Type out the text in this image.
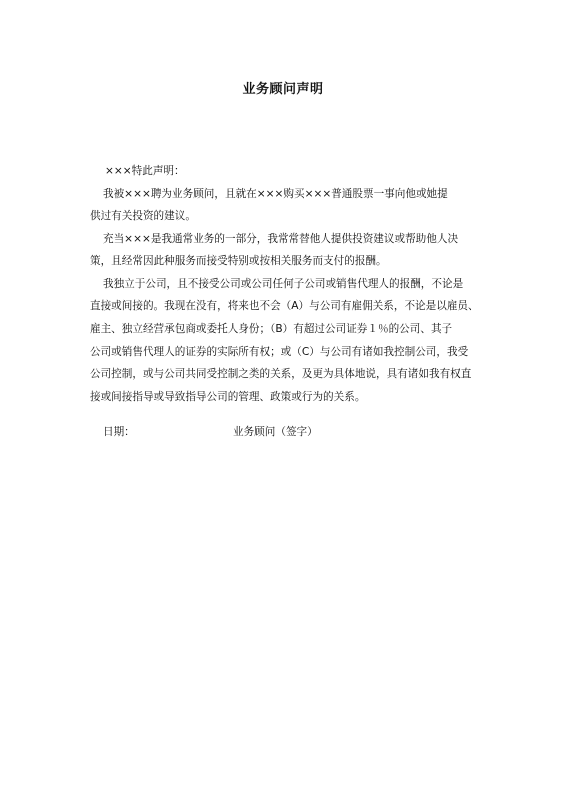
业务顾问声明
×××特此声明：
我被×××聘为业务顾问，且就在×××购买×××普通股票一事向他或她提
供过有关投资的建议。
充当×××是我通常业务的一部分，我常常替他人提供投资建议或帮助他人决
策，且经常因此种服务而接受特别或按相关服务而支付的报酬。
我独立于公司，且不接受公司或公司任何子公司或销售代理人的报酬，不论是
直接或间接的。我现在没有，将来也不会（A）与公司有雇佣关系，不论是以雇员、
雇主、独立经营承包商或委托人身份；（B）有超过公司证券１％的公司、其子
公司或销售代理人的证券的实际所有权；或（C）与公司有诸如我控制公司，我受
公司控制，或与公司共同受控制之类的关系，及更为具体地说，具有诸如我有权直
接或间接指导或导致指导公司的管理、政策或行为的关系。
日期：	业务顾问（签字）
